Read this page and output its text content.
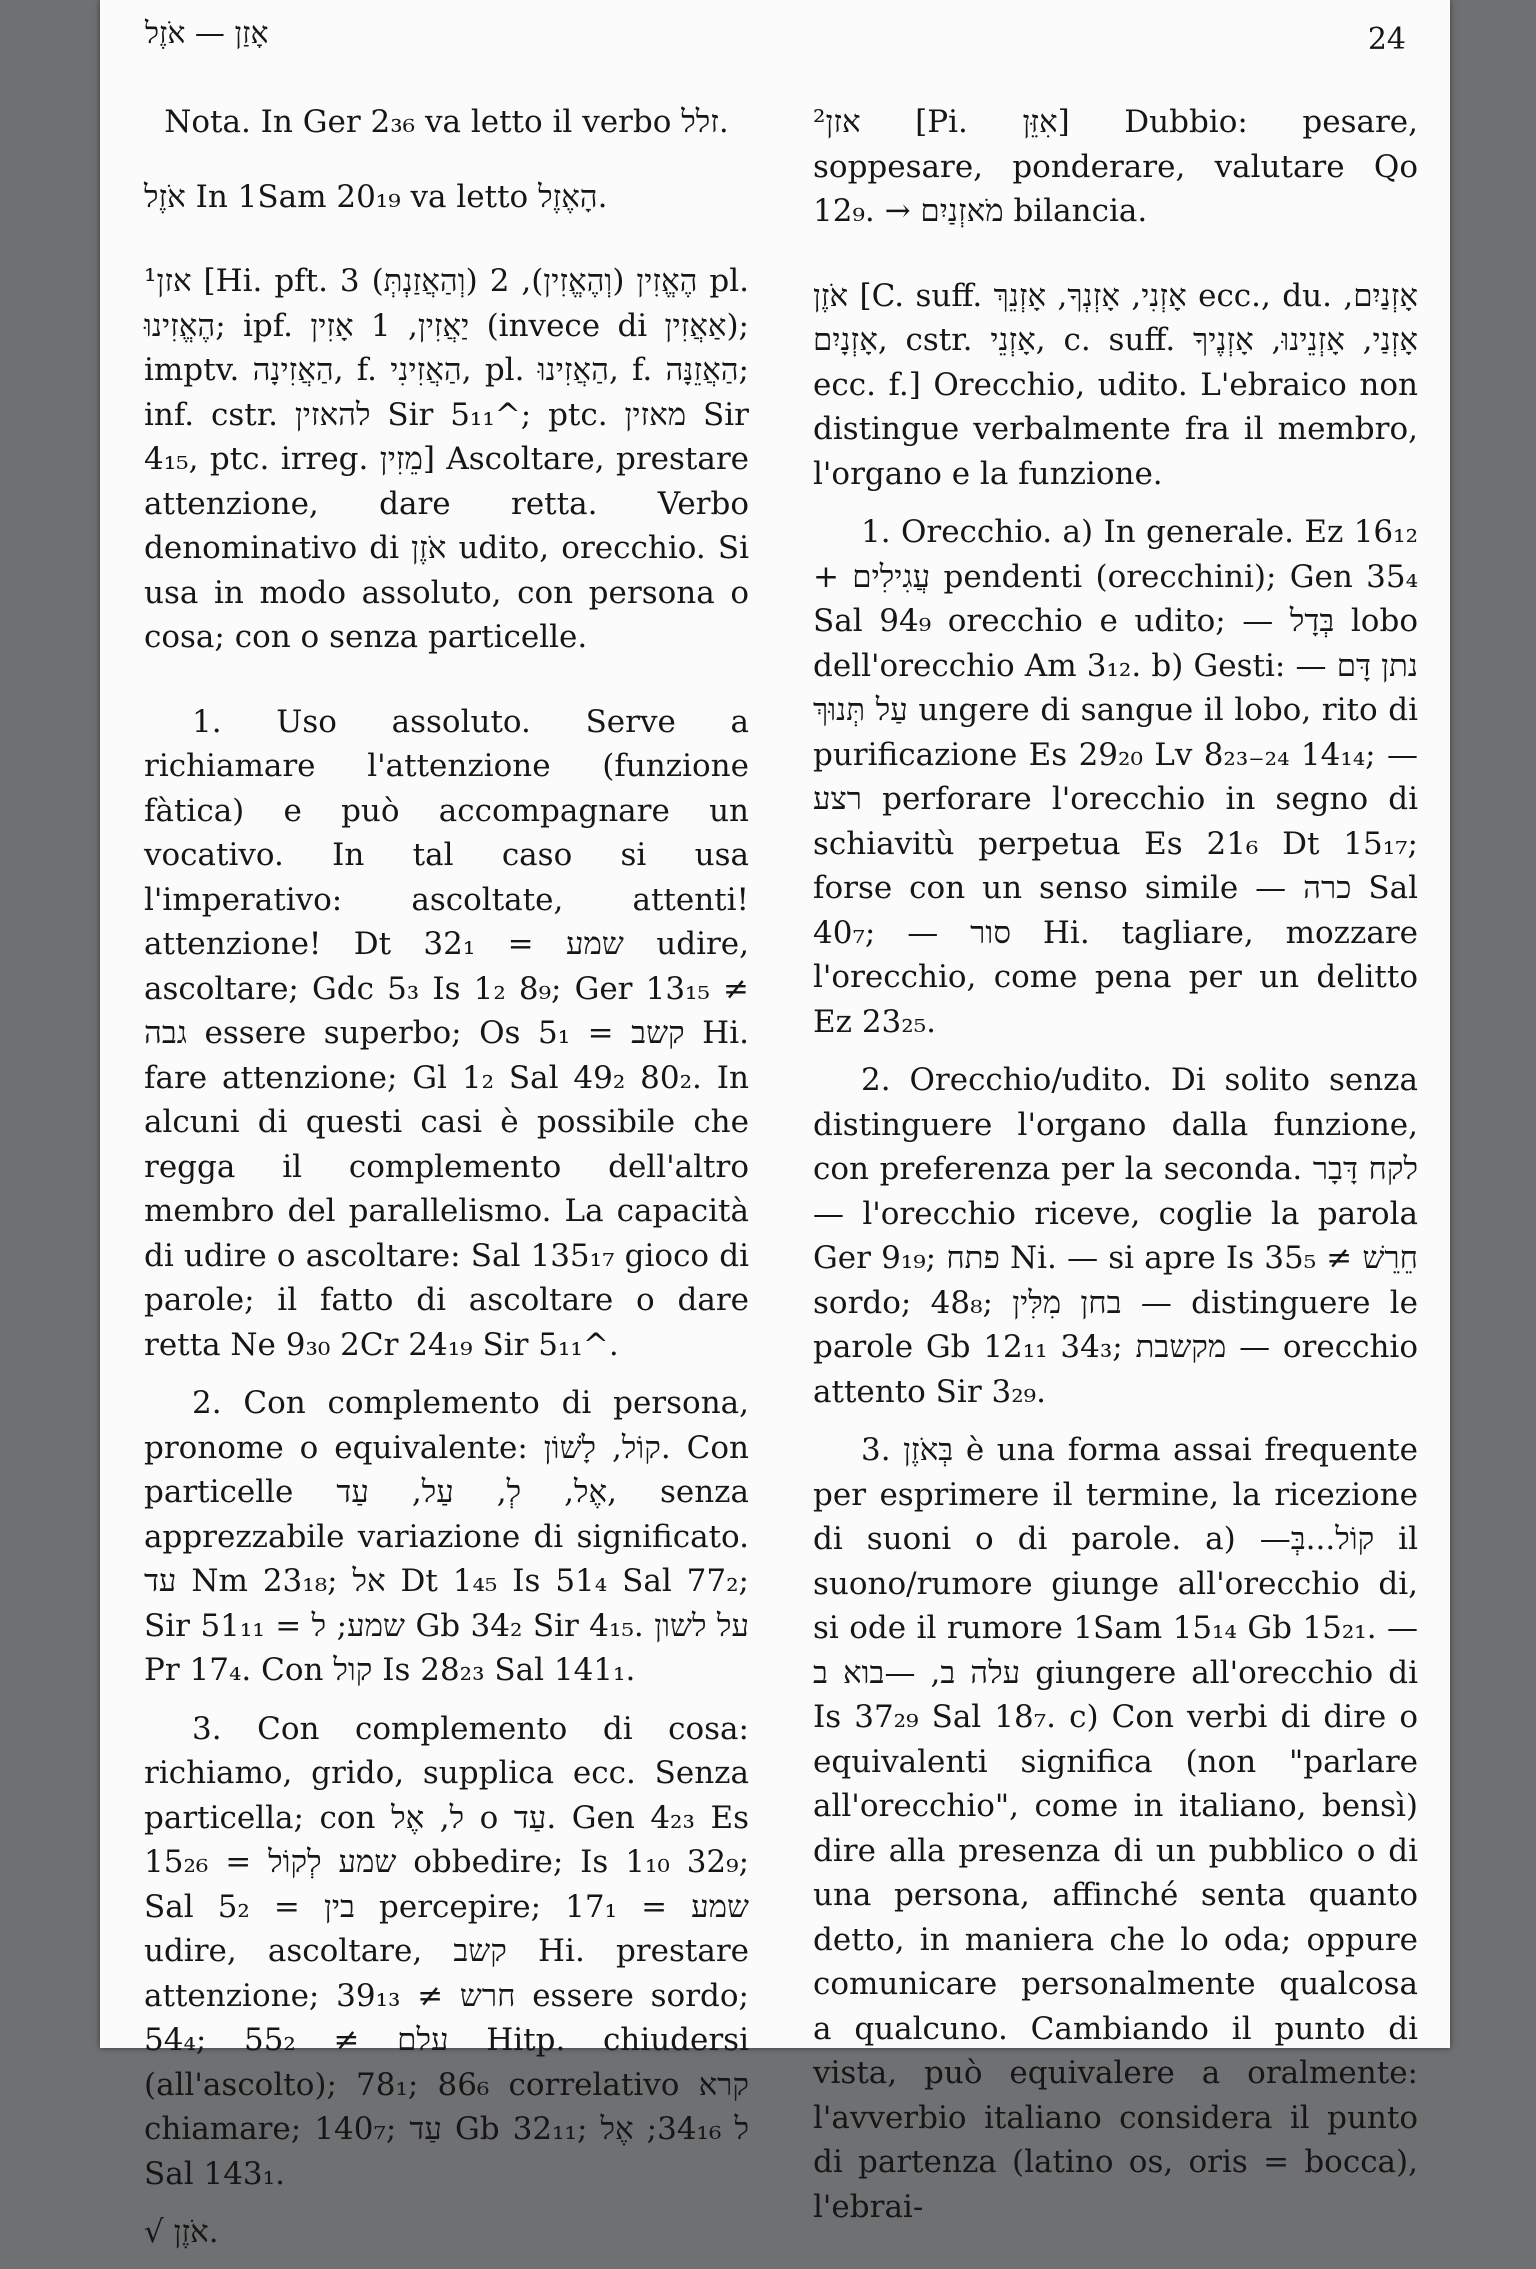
אָזַן — אֹזֶל	24

Nota. In Ger 2₃₆ va letto il verbo זלל.

אֹזֶל In 1Sam 20₁₉ va letto הָאֶזֶל.

אזן¹ [Hi. pft. הֶאֱזִין (וְהֶאֱזִין), 2 (וְהַאֲזַנְתְּ) 3 pl. הֶאֱזִינוּ; ipf. יַאֲזִין, 1 אָזִין (invece di אַאֲזִין); imptv. הַאֲזִינָה, f. הַאֲזִינִי, pl. הַאֲזִינוּ, f. הַאֲזֵנָּה; inf. cstr. להאזין Sir 5₁₁^; ptc. מאזין Sir 4₁₅, ptc. irreg. מֵזִין] Ascoltare, prestare attenzione, dare retta. Verbo denominativo di אֹזֶן udito, orecchio. Si usa in modo assoluto, con persona o cosa; con o senza particelle.

1. Uso assoluto. Serve a richiamare l'attenzione (funzione fàtica) e può accompagnare un vocativo. In tal caso si usa l'imperativo: ascoltate, attenti! attenzione! Dt 32₁ = שמע udire, ascoltare; Gdc 5₃ Is 1₂ 8₉; Ger 13₁₅ ≠ גבה essere superbo; Os 5₁ = קשב Hi. fare attenzione; Gl 1₂ Sal 49₂ 80₂. In alcuni di questi casi è possibile che regga il complemento dell'altro membro del parallelismo. La capacità di udire o ascoltare: Sal 135₁₇ gioco di parole; il fatto di ascoltare o dare retta Ne 9₃₀ 2Cr 24₁₉ Sir 5₁₁^.

2. Con complemento di persona, pronome o equivalente: קוֹל, לָשׁוֹן. Con particelle אֶל, לְ, עַל, עַד, senza apprezzabile variazione di significato. עד Nm 23₁₈; אל Dt 1₄₅ Is 51₄ Sal 77₂; Sir 51₁₁ = שמע; ל Gb 34₂ Sir 4₁₅. על לשון Pr 17₄. Con קול Is 28₂₃ Sal 141₁.

3. Con complemento di cosa: richiamo, grido, supplica ecc. Senza particella; con ל, אֶל o עַד. Gen 4₂₃ Es 15₂₆ = שמע לְקוֹל obbedire; Is 1₁₀ 32₉; Sal 5₂ = בין percepire; 17₁ = שמע udire, ascoltare, קשב Hi. prestare attenzione; 39₁₃ ≠ חרש essere sordo; 54₄; 55₂ ≠ עלם Hitp. chiudersi (all'ascolto); 78₁; 86₆ correlativo קרא chiamare; 140₇; עַד Gb 32₁₁; ל 34₁₆; אֶל Sal 143₁.

√ אֹזֶן.

אזן² [Pi. אִזֵּן] Dubbio: pesare, soppesare, ponderare, valutare Qo 12₉. → מֹאזְנַיִם bilancia.

אֹזֶן [C. suff. אָזְנִי, אָזְנְךָ, אָזְנֵךְ ecc., du. אָזְנַיִם, אָזְנָיִם, cstr. אָזְנֵי, c. suff. אָזְנַי, אָזְנֵינוּ, אָזְנֶיךָ ecc. f.] Orecchio, udito. L'ebraico non distingue verbalmente fra il membro, l'organo e la funzione.

1. Orecchio. a) In generale. Ez 16₁₂ + עֲגִילִים pendenti (orecchini); Gen 35₄ Sal 94₉ orecchio e udito; — בְּדָל lobo dell'orecchio Am 3₁₂. b) Gesti: — נתן דָּם עַל תְּנוּךְ ungere di sangue il lobo, rito di purificazione Es 29₂₀ Lv 8₂₃₋₂₄ 14₁₄; — רצע perforare l'orecchio in segno di schiavitù perpetua Es 21₆ Dt 15₁₇; forse con un senso simile — כרה Sal 40₇; — סור Hi. tagliare, mozzare l'orecchio, come pena per un delitto Ez 23₂₅.

2. Orecchio/udito. Di solito senza distinguere l'organo dalla funzione, con preferenza per la seconda. לקח דָּבָר — l'orecchio riceve, coglie la parola Ger 9₁₉; פתח Ni. — si apre Is 35₅ ≠ חֵרֵשׁ sordo; 48₈; בחן מִלִּין — distinguere le parole Gb 12₁₁ 34₃; מקשבת — orecchio attento Sir 3₂₉.

3. בְּאֹזֶן è una forma assai frequente per esprimere il termine, la ricezione di suoni o di parole. a) —קוֹל...בְּ il suono/rumore giunge all'orecchio di, si ode il rumore 1Sam 15₁₄ Gb 15₂₁. —עלה ב, —בוא ב giungere all'orecchio di Is 37₂₉ Sal 18₇. c) Con verbi di dire o equivalenti significa (non "parlare all'orecchio", come in italiano, bensì) dire alla presenza di un pubblico o di una persona, affinché senta quanto detto, in maniera che lo oda; oppure comunicare personalmente qualcosa a qualcuno. Cambiando il punto di vista, può equivalere a oralmente: l'avverbio italiano considera il punto di partenza (latino os, oris = bocca), l'ebrai-
